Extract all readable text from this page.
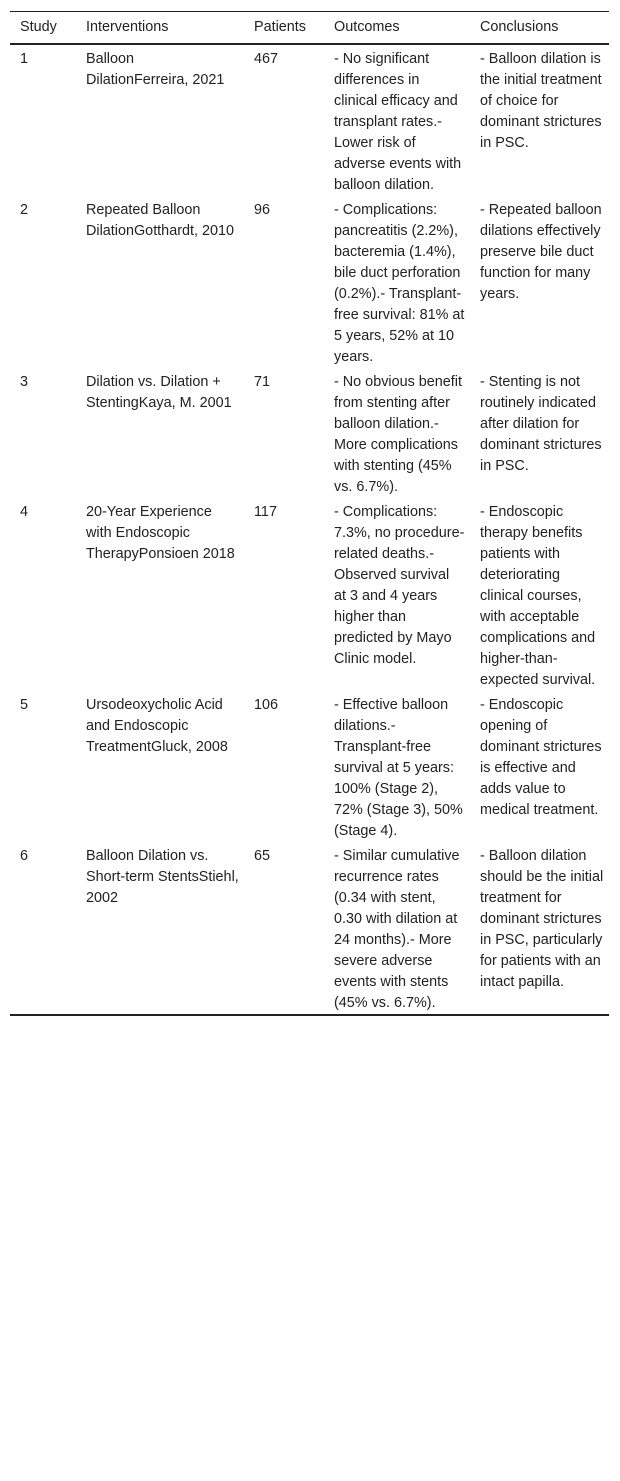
Study	Interventions	Patients	Outcomes	Conclusions
1	Balloon DilationFerreira, 2021	467	- No significant differences in clinical efficacy and transplant rates.- Lower risk of adverse events with balloon dilation.	- Balloon dilation is the initial treatment of choice for dominant strictures in PSC.
2	Repeated Balloon DilationGotthardt, 2010	96	- Complications: pancreatitis (2.2%), bacteremia (1.4%), bile duct perforation (0.2%).- Transplant-free survival: 81% at 5 years, 52% at 10 years.	- Repeated balloon dilations effectively preserve bile duct function for many years.
3	Dilation vs. Dilation + StentingKaya, M. 2001	71	- No obvious benefit from stenting after balloon dilation.- More complications with stenting (45% vs. 6.7%).	- Stenting is not routinely indicated after dilation for dominant strictures in PSC.
4	20-Year Experience with Endoscopic TherapyPonsioen 2018	117	- Complications: 7.3%, no procedure-related deaths.- Observed survival at 3 and 4 years higher than predicted by Mayo Clinic model.	- Endoscopic therapy benefits patients with deteriorating clinical courses, with acceptable complications and higher-than-expected survival.
5	Ursodeoxycholic Acid and Endoscopic TreatmentGluck, 2008	106	- Effective balloon dilations.- Transplant-free survival at 5 years: 100% (Stage 2), 72% (Stage 3), 50% (Stage 4).	- Endoscopic opening of dominant strictures is effective and adds value to medical treatment.
6	Balloon Dilation vs. Short-term StentsStiehl, 2002	65	- Similar cumulative recurrence rates (0.34 with stent, 0.30 with dilation at 24 months).- More severe adverse events with stents (45% vs. 6.7%).	- Balloon dilation should be the initial treatment for dominant strictures in PSC, particularly for patients with an intact papilla.
